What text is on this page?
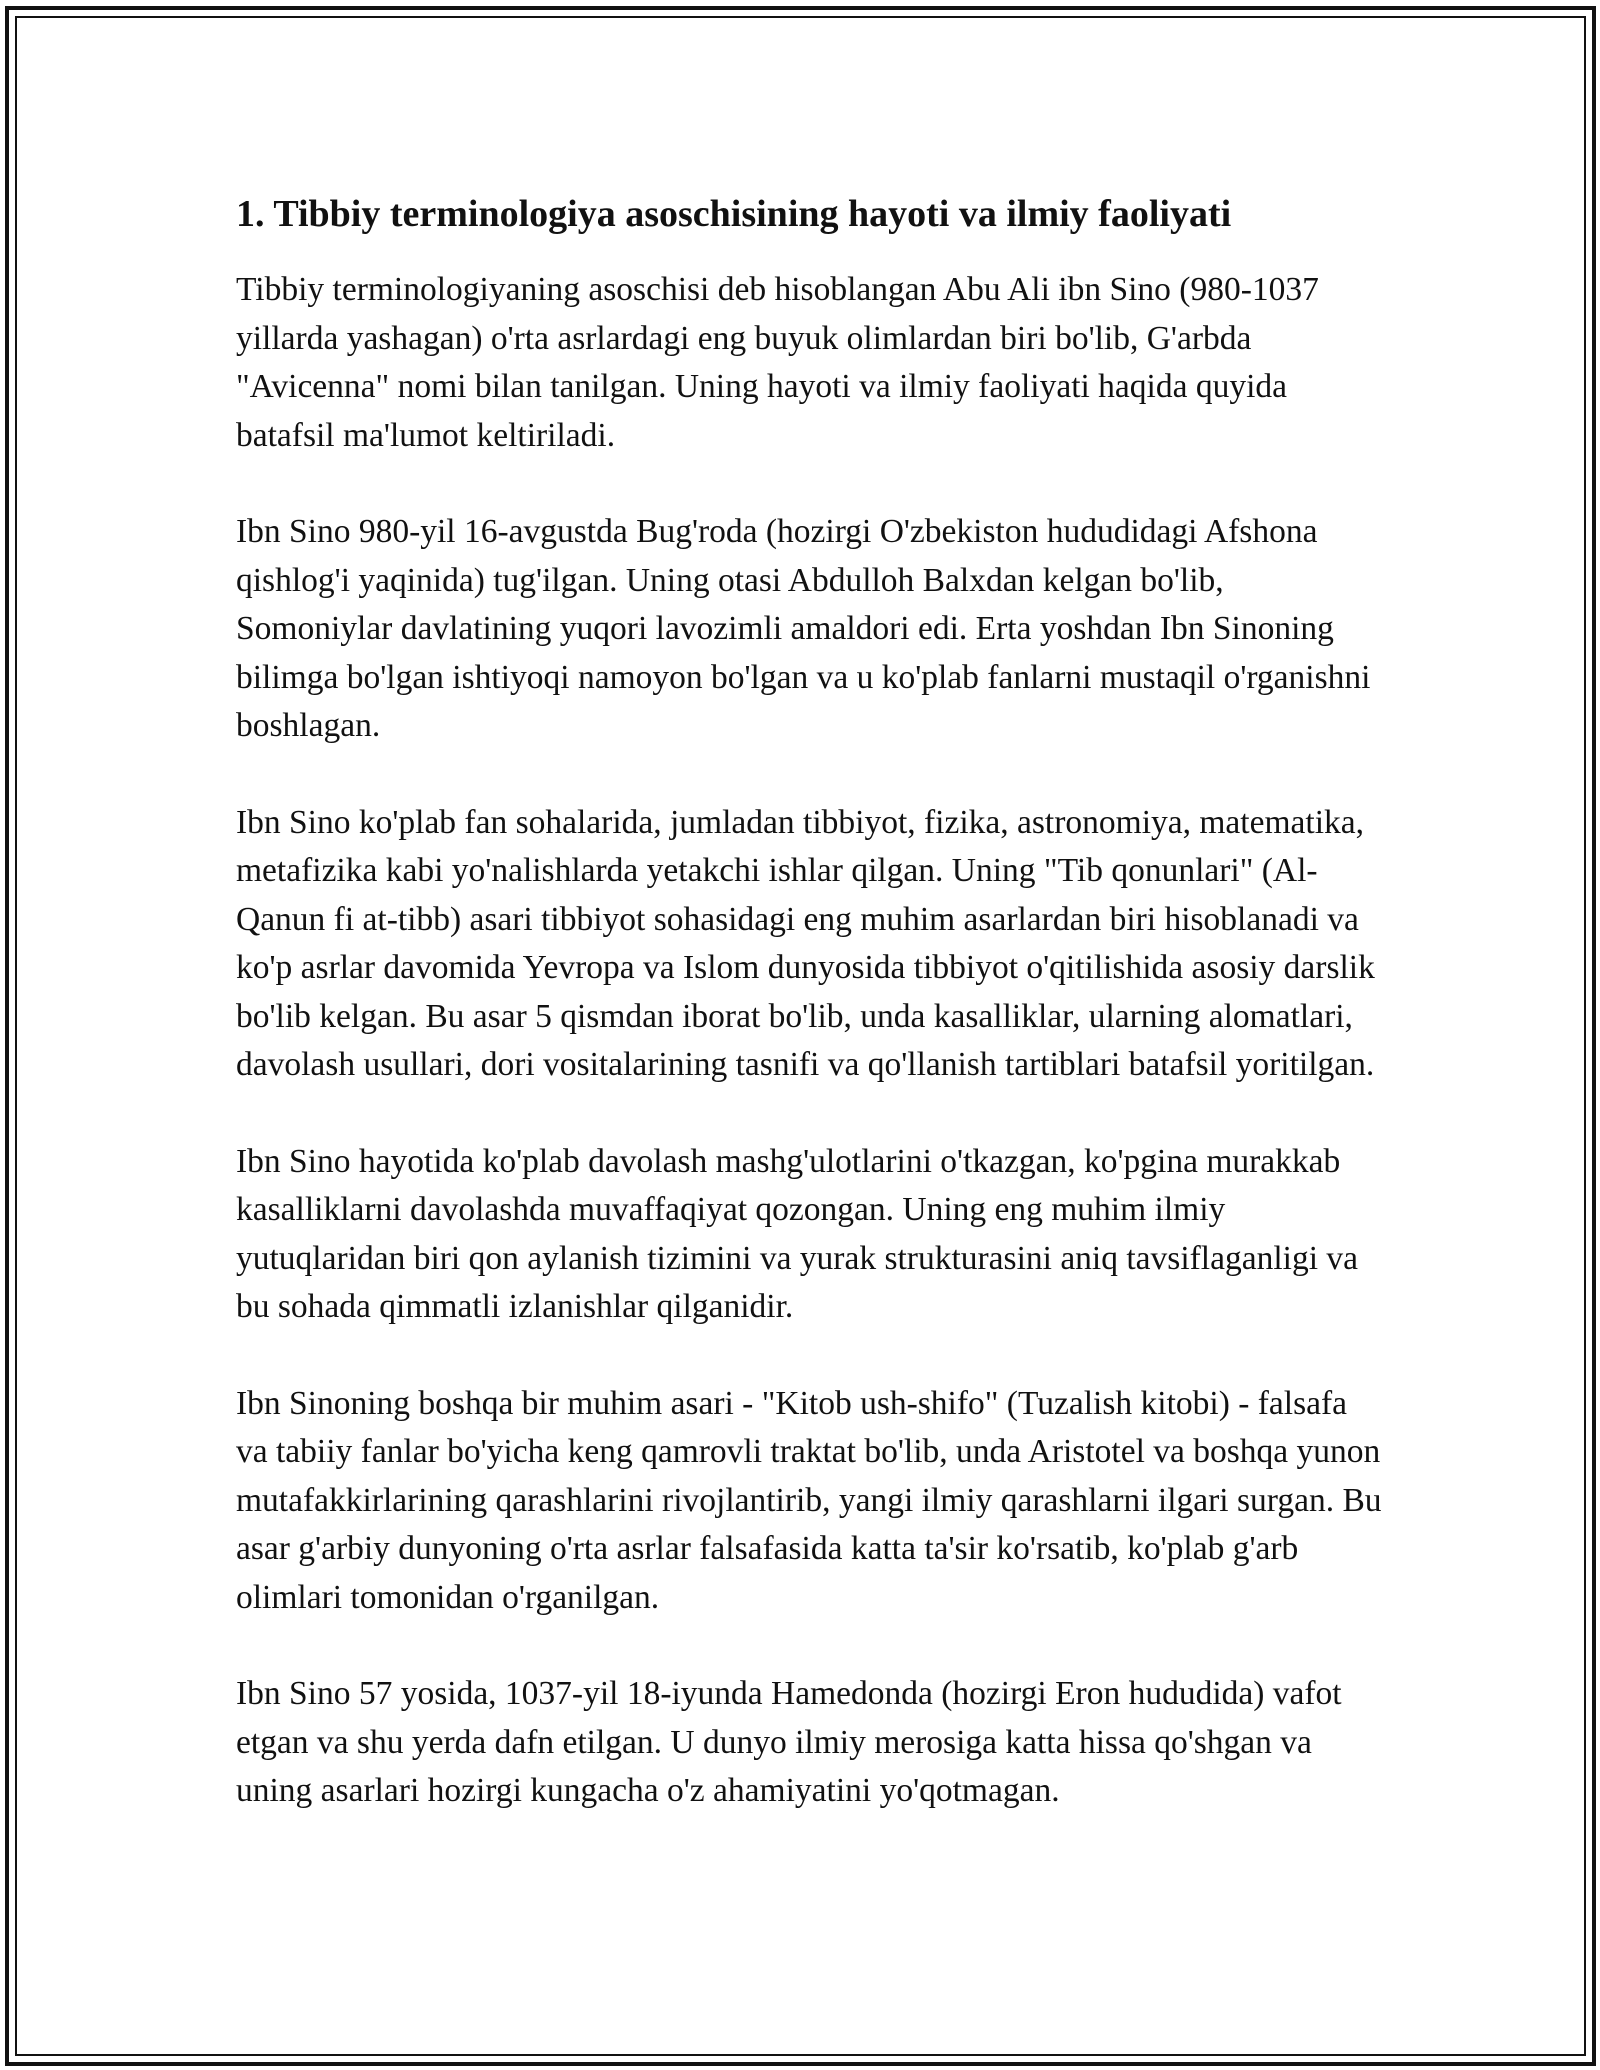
1. Tibbiy terminologiya asoschisining hayoti va ilmiy faoliyati

Tibbiy terminologiyaning asoschisi deb hisoblangan Abu Ali ibn Sino (980-1037 yillarda yashagan) o'rta asrlardagi eng buyuk olimlardan biri bo'lib, G'arbda "Avicenna" nomi bilan tanilgan. Uning hayoti va ilmiy faoliyati haqida quyida batafsil ma'lumot keltiriladi.

Ibn Sino 980-yil 16-avgustda Bug'roda (hozirgi O'zbekiston hududidagi Afshona qishlog'i yaqinida) tug'ilgan. Uning otasi Abdulloh Balxdan kelgan bo'lib, Somoniylar davlatining yuqori lavozimli amaldori edi. Erta yoshdan Ibn Sinoning bilimga bo'lgan ishtiyoqi namoyon bo'lgan va u ko'plab fanlarni mustaqil o'rganishni boshlagan.

Ibn Sino ko'plab fan sohalarida, jumladan tibbiyot, fizika, astronomiya, matematika, metafizika kabi yo'nalishlarda yetakchi ishlar qilgan. Uning "Tib qonunlari" (Al-Qanun fi at-tibb) asari tibbiyot sohasidagi eng muhim asarlardan biri hisoblanadi va ko'p asrlar davomida Yevropa va Islom dunyosida tibbiyot o'qitilishida asosiy darslik bo'lib kelgan. Bu asar 5 qismdan iborat bo'lib, unda kasalliklar, ularning alomatlari, davolash usullari, dori vositalarining tasnifi va qo'llanish tartiblari batafsil yoritilgan.

Ibn Sino hayotida ko'plab davolash mashg'ulotlarini o'tkazgan, ko'pgina murakkab kasalliklarni davolashda muvaffaqiyat qozongan. Uning eng muhim ilmiy yutuqlaridan biri qon aylanish tizimini va yurak strukturasini aniq tavsiflaganligi va bu sohada qimmatli izlanishlar qilganidir.

Ibn Sinoning boshqa bir muhim asari - "Kitob ush-shifo" (Tuzalish kitobi) - falsafa va tabiiy fanlar bo'yicha keng qamrovli traktat bo'lib, unda Aristotel va boshqa yunon mutafakkirlarining qarashlarini rivojlantirib, yangi ilmiy qarashlarni ilgari surgan. Bu asar g'arbiy dunyoning o'rta asrlar falsafasida katta ta'sir ko'rsatib, ko'plab g'arb olimlari tomonidan o'rganilgan.

Ibn Sino 57 yosida, 1037-yil 18-iyunda Hamedonda (hozirgi Eron hududida) vafot etgan va shu yerda dafn etilgan. U dunyo ilmiy merosiga katta hissa qo'shgan va uning asarlari hozirgi kungacha o'z ahamiyatini yo'qotmagan.
